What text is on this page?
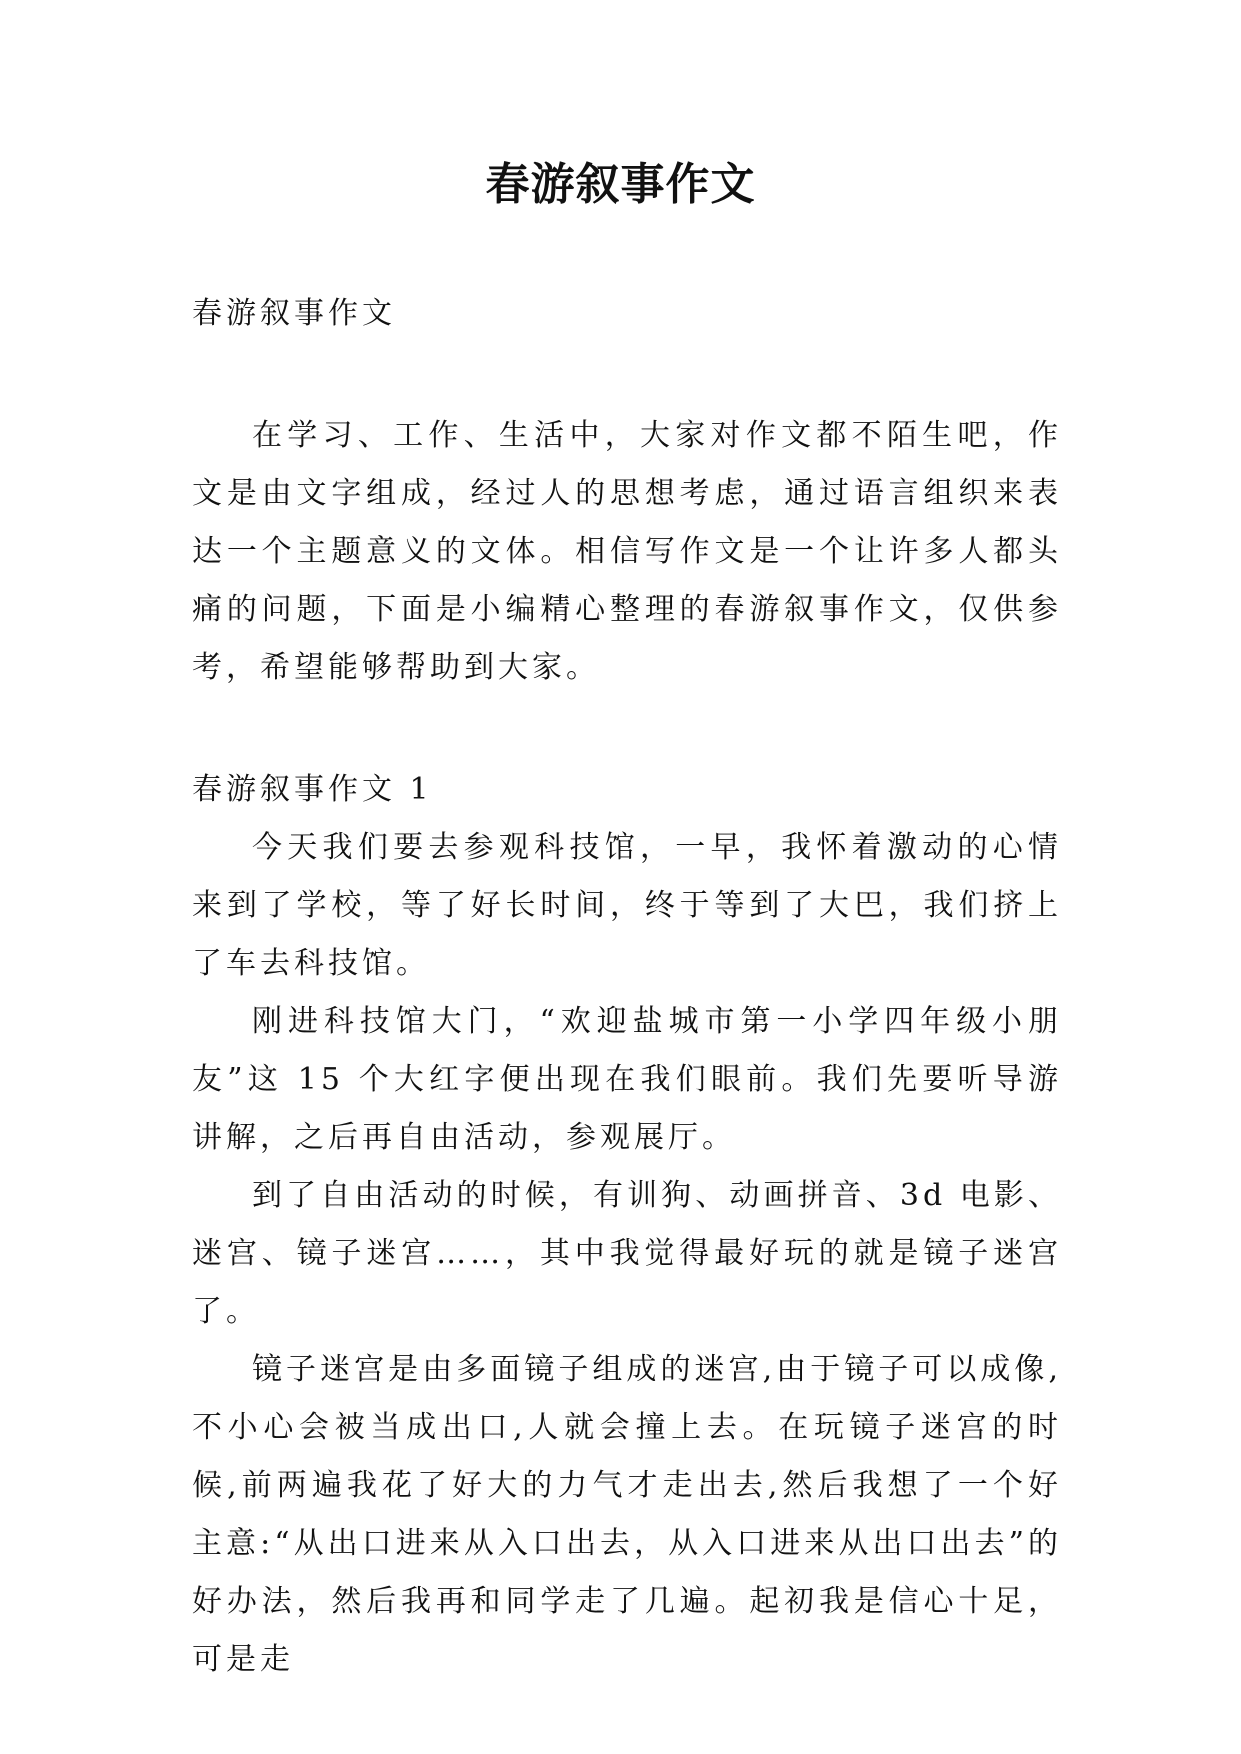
春游叙事作文

春游叙事作文

在学习、工作、生活中，大家对作文都不陌生吧，作文是由文字组成，经过人的思想考虑，通过语言组织来表达一个主题意义的文体。相信写作文是一个让许多人都头痛的问题，下面是小编精心整理的春游叙事作文，仅供参考，希望能够帮助到大家。

春游叙事作文 1

今天我们要去参观科技馆，一早，我怀着激动的心情来到了学校，等了好长时间，终于等到了大巴，我们挤上了车去科技馆。

刚进科技馆大门，“欢迎盐城市第一小学四年级小朋友”这 15 个大红字便出现在我们眼前。我们先要听导游讲解，之后再自由活动，参观展厅。

到了自由活动的时候，有训狗、动画拼音、3d 电影、迷宫、镜子迷宫……，其中我觉得最好玩的就是镜子迷宫了。

镜子迷宫是由多面镜子组成的迷宫,由于镜子可以成像,不小心会被当成出口,人就会撞上去。在玩镜子迷宫的时候,前两遍我花了好大的力气才走出去,然后我想了一个好主意:“从出口进来从入口出去，从入口进来从出口出去”的好办法，然后我再和同学走了几遍。起初我是信心十足，可是走
